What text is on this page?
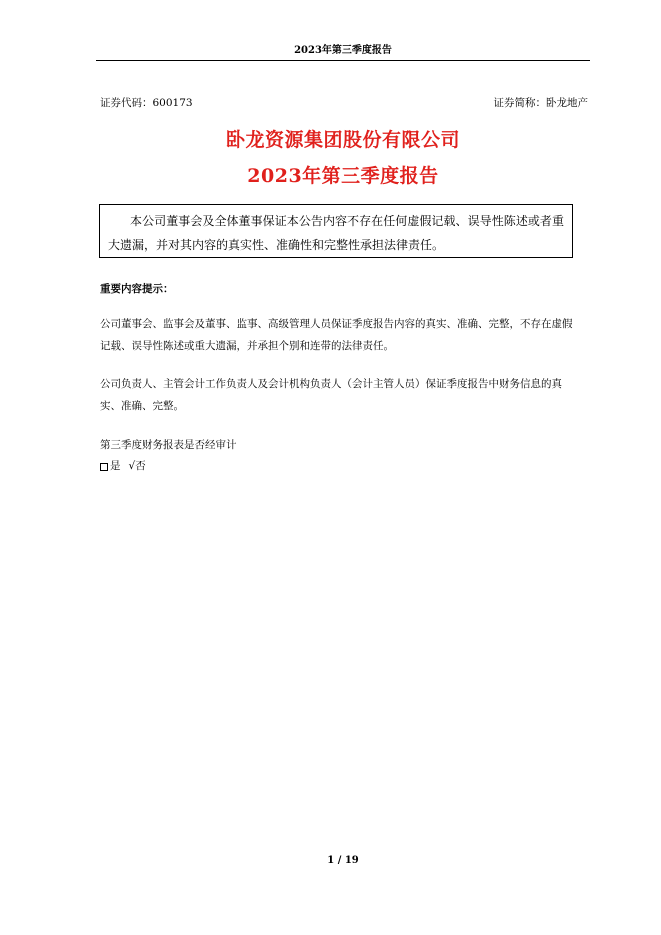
2023年第三季度报告
证券代码：600173	证券简称：卧龙地产
卧龙资源集团股份有限公司
2023年第三季度报告
本公司董事会及全体董事保证本公告内容不存在任何虚假记载、误导性陈述或者重大遗漏，并对其内容的真实性、准确性和完整性承担法律责任。
重要内容提示：
公司董事会、监事会及董事、监事、高级管理人员保证季度报告内容的真实、准确、完整，不存在虚假记载、误导性陈述或重大遗漏，并承担个别和连带的法律责任。
公司负责人、主管会计工作负责人及会计机构负责人（会计主管人员）保证季度报告中财务信息的真实、准确、完整。
第三季度财务报表是否经审计
是 √否
1 / 19
